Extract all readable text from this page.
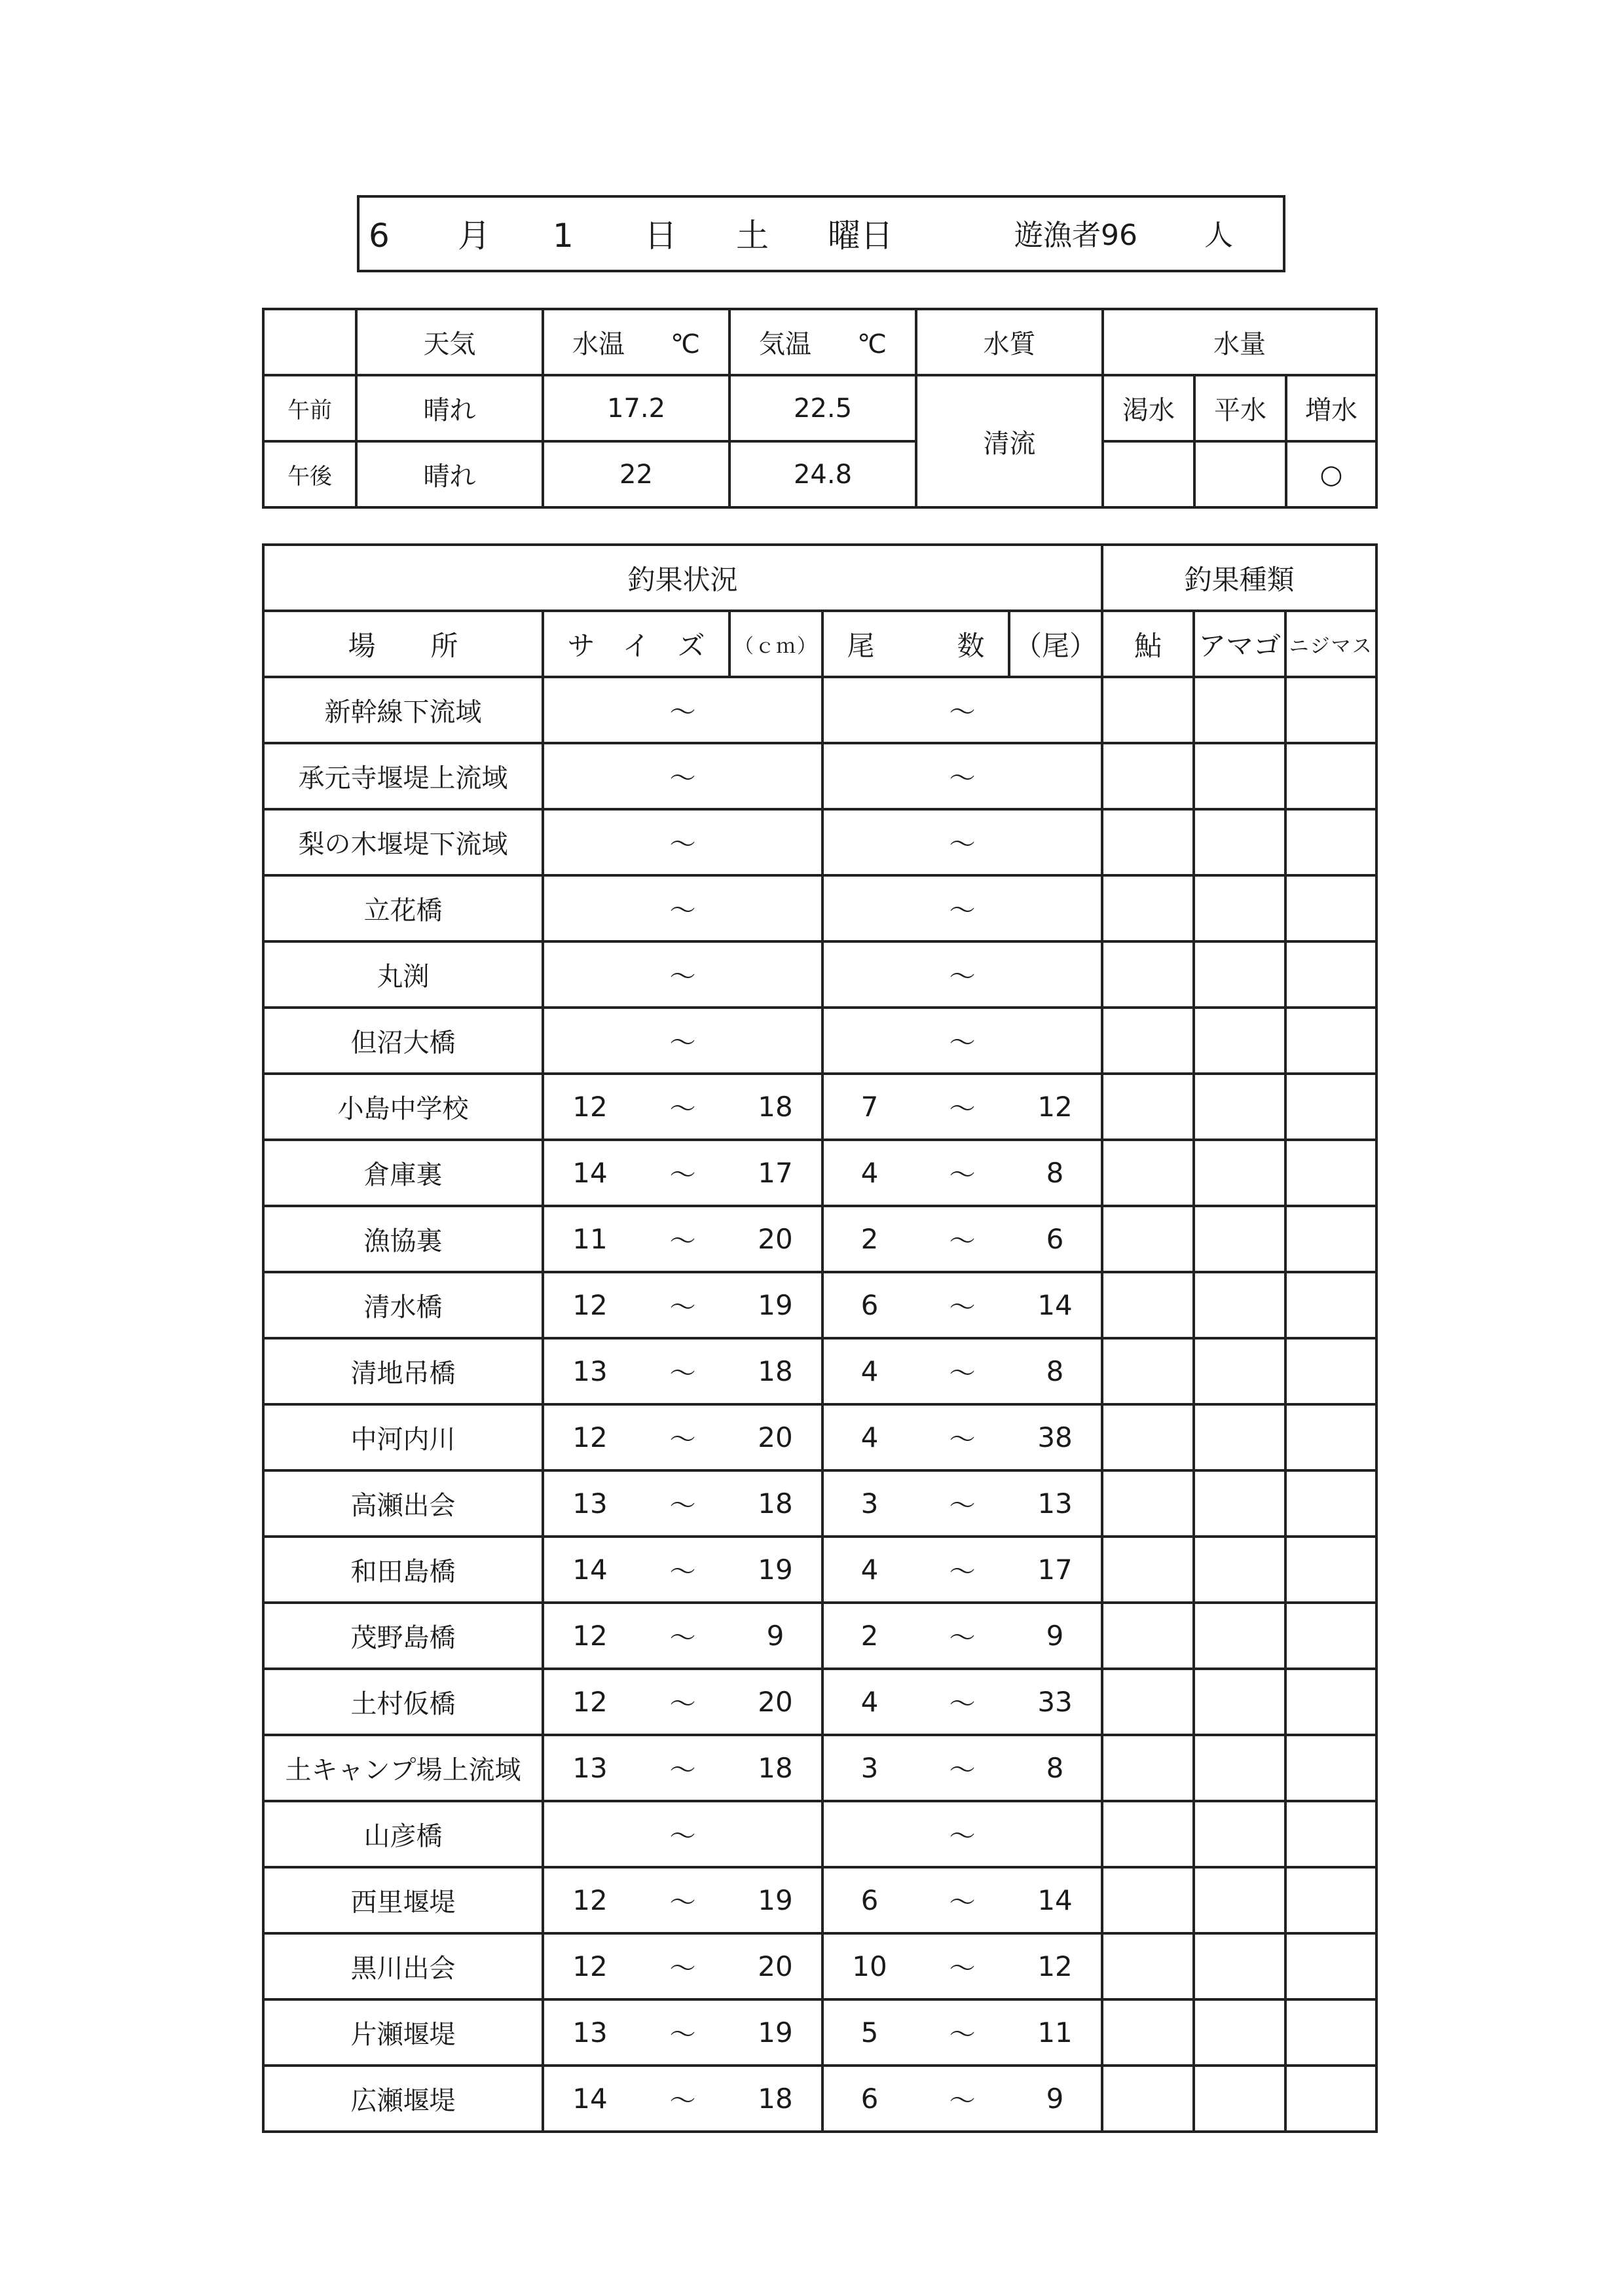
6 月 1 日 土 曜日	遊漁者96 人
	天気	水温 ℃	気温 ℃	水質	水量		
午前	晴れ	17.2	22.5	清流	渇水	平水	増水
午後	晴れ	22	24.8				○
釣果状況							釣果種類		
場　　所	サ　イ　ズ		（ｃｍ）	尾　　　数		（尾）	鮎	アマゴ	ニジマス
新幹線下流域		〜			〜				
承元寺堰堤上流域		〜			〜				
梨の木堰堤下流域		〜			〜				
立花橋		〜			〜				
丸渕		〜			〜				
但沼大橋		〜			〜				
小島中学校	12	〜	18	7	〜	12			
倉庫裏	14	〜	17	4	〜	8			
漁協裏	11	〜	20	2	〜	6			
清水橋	12	〜	19	6	〜	14			
清地吊橋	13	〜	18	4	〜	8			
中河内川	12	〜	20	4	〜	38			
高瀬出会	13	〜	18	3	〜	13			
和田島橋	14	〜	19	4	〜	17			
茂野島橋	12	〜	9	2	〜	9			
土村仮橋	12	〜	20	4	〜	33			
土キャンプ場上流域	13	〜	18	3	〜	8			
山彦橋		〜			〜				
西里堰堤	12	〜	19	6	〜	14			
黒川出会	12	〜	20	10	〜	12			
片瀬堰堤	13	〜	19	5	〜	11			
広瀬堰堤	14	〜	18	6	〜	9			
